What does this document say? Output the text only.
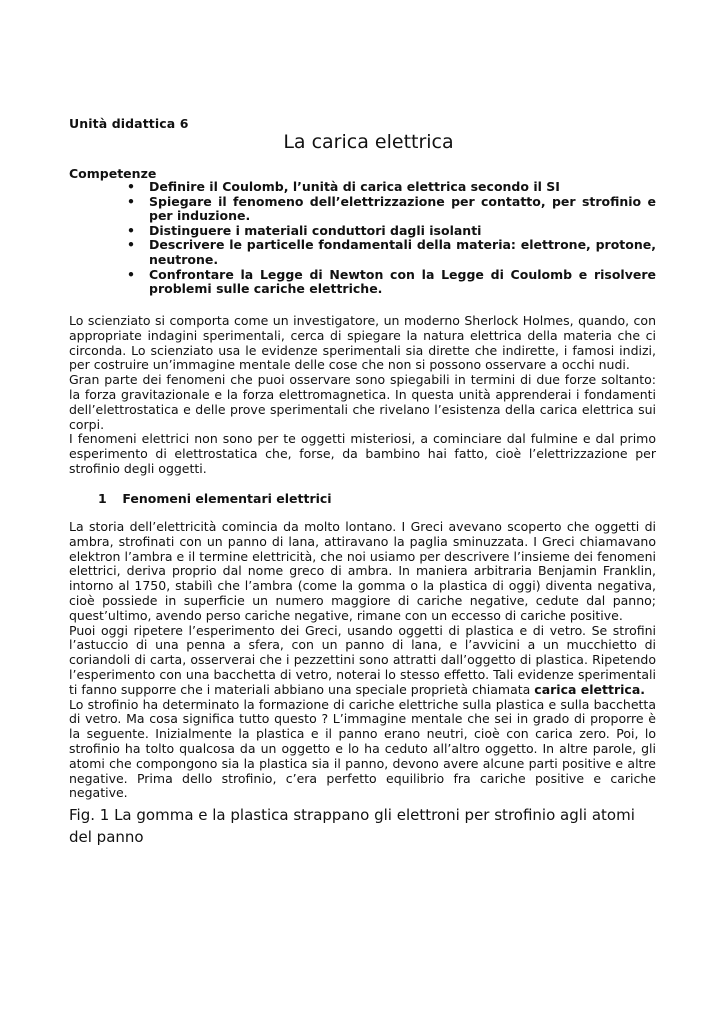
Unità didattica 6
La carica elettrica
Competenze
• Definire il Coulomb, l’unità di carica elettrica secondo il SI
• Spiegare il fenomeno dell’elettrizzazione per contatto, per strofinio e per induzione.
• Distinguere i materiali conduttori dagli isolanti
• Descrivere le particelle fondamentali della materia: elettrone, protone, neutrone.
• Confrontare la Legge di Newton con la Legge di Coulomb e risolvere problemi sulle cariche elettriche.

Lo scienziato si comporta come un investigatore, un moderno Sherlock Holmes, quando, con appropriate indagini sperimentali, cerca di spiegare la natura elettrica della materia che ci circonda. Lo scienziato usa le evidenze sperimentali sia dirette che indirette, i famosi indizi, per costruire un’immagine mentale delle cose che non si possono osservare a occhi nudi.

Gran parte dei fenomeni che puoi osservare sono spiegabili in termini di due forze soltanto: la forza gravitazionale e la forza elettromagnetica. In questa unità apprenderai i fondamenti dell’elettrostatica e delle prove sperimentali che rivelano l’esistenza della carica elettrica sui corpi.

I fenomeni elettrici non sono per te oggetti misteriosi, a cominciare dal fulmine e dal primo esperimento di elettrostatica che, forse, da bambino hai fatto, cioè l’elettrizzazione per strofinio degli oggetti.

1 Fenomeni elementari elettrici

La storia dell’elettricità comincia da molto lontano. I Greci avevano scoperto che oggetti di ambra, strofinati con un panno di lana, attiravano la paglia sminuzzata. I Greci chiamavano elektron l’ambra e il termine elettricità, che noi usiamo per descrivere l’insieme dei fenomeni elettrici, deriva proprio dal nome greco di ambra. In maniera arbitraria Benjamin Franklin, intorno al 1750, stabilì che l’ambra (come la gomma o la plastica di oggi) diventa negativa, cioè possiede in superficie un numero maggiore di cariche negative, cedute dal panno; quest’ultimo, avendo perso cariche negative, rimane con un eccesso di cariche positive.

Puoi oggi ripetere l’esperimento dei Greci, usando oggetti di plastica e di vetro. Se strofini l’astuccio di una penna a sfera, con un panno di lana, e l’avvicini a un mucchietto di coriandoli di carta, osserverai che i pezzettini sono attratti dall’oggetto di plastica. Ripetendo l’esperimento con una bacchetta di vetro, noterai lo stesso effetto. Tali evidenze sperimentali ti fanno supporre che i materiali abbiano una speciale proprietà chiamata carica elettrica.

Lo strofinio ha determinato la formazione di cariche elettriche sulla plastica e sulla bacchetta di vetro. Ma cosa significa tutto questo ? L’immagine mentale che sei in grado di proporre è la seguente. Inizialmente la plastica e il panno erano neutri, cioè con carica zero. Poi, lo strofinio ha tolto qualcosa da un oggetto e lo ha ceduto all’altro oggetto. In altre parole, gli atomi che compongono sia la plastica sia il panno, devono avere alcune parti positive e altre negative. Prima dello strofinio, c’era perfetto equilibrio fra cariche positive e cariche negative.

Fig. 1 La gomma e la plastica strappano gli elettroni per strofinio agli atomi del panno
